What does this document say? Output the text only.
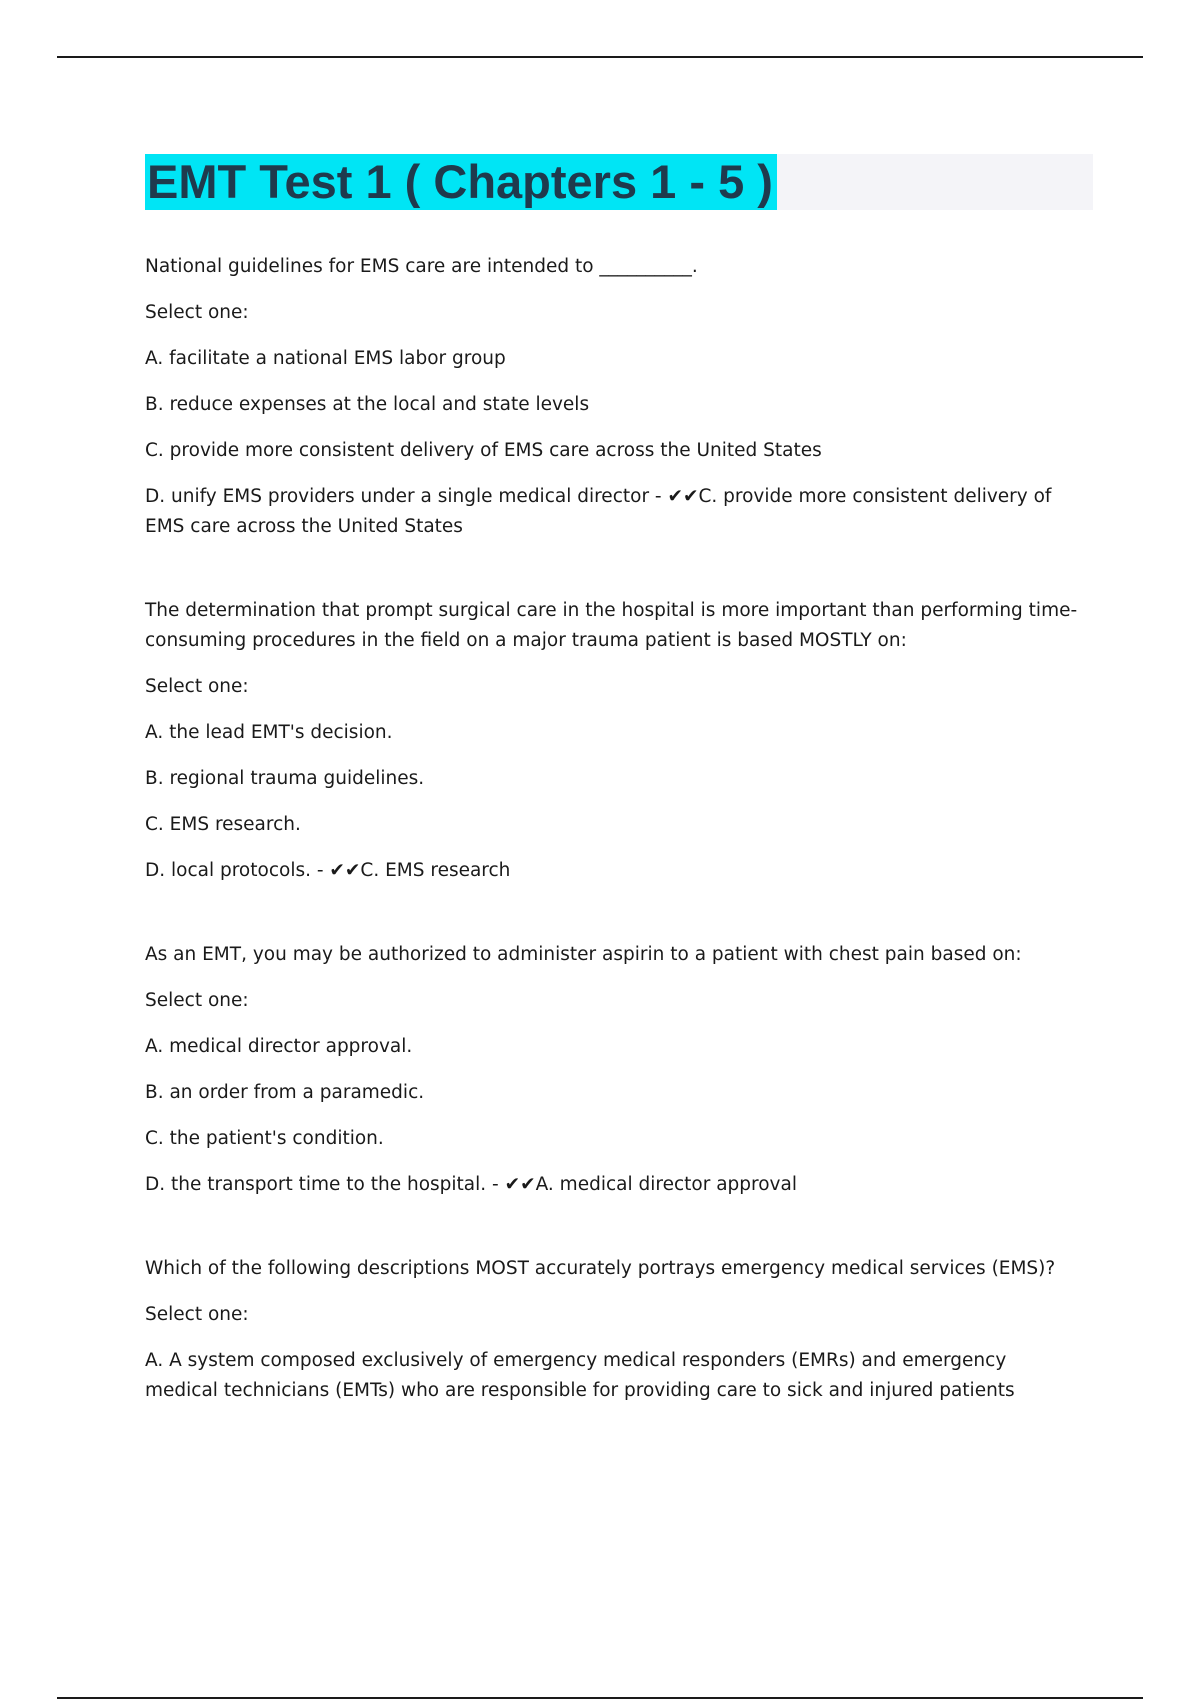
EMT Test 1 ( Chapters 1 - 5 )
National guidelines for EMS care are intended to __________.
Select one:
A. facilitate a national EMS labor group
B. reduce expenses at the local and state levels
C. provide more consistent delivery of EMS care across the United States
D. unify EMS providers under a single medical director - ✔✔C. provide more consistent delivery of EMS care across the United States
The determination that prompt surgical care in the hospital is more important than performing time-consuming procedures in the field on a major trauma patient is based MOSTLY on:
Select one:
A. the lead EMT's decision.
B. regional trauma guidelines.
C. EMS research.
D. local protocols. - ✔✔C. EMS research
As an EMT, you may be authorized to administer aspirin to a patient with chest pain based on:
Select one:
A. medical director approval.
B. an order from a paramedic.
C. the patient's condition.
D. the transport time to the hospital. - ✔✔A. medical director approval
Which of the following descriptions MOST accurately portrays emergency medical services (EMS)?
Select one:
A. A system composed exclusively of emergency medical responders (EMRs) and emergency medical technicians (EMTs) who are responsible for providing care to sick and injured patients
